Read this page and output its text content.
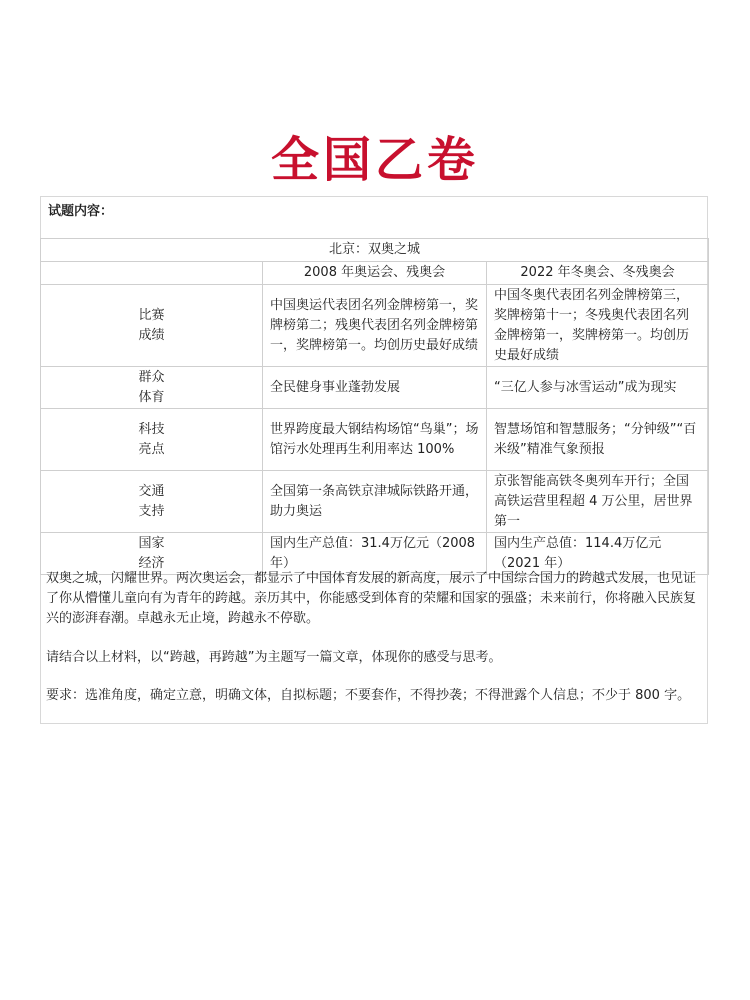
全国乙卷
试题内容：
北京：双奥之城		
	2008 年奥运会、残奥会	2022 年冬奥会、冬残奥会
比赛
成绩	中国奥运代表团名列金牌榜第一，奖牌榜第二；残奥代表团名列金牌榜第一，奖牌榜第一。均创历史最好成绩	中国冬奥代表团名列金牌榜第三，奖牌榜第十一；冬残奥代表团名列金牌榜第一，奖牌榜第一。均创历史最好成绩
群众
体育	全民健身事业蓬勃发展	“三亿人参与冰雪运动”成为现实
科技
亮点	世界跨度最大钢结构场馆“鸟巢”；场馆污水处理再生利用率达 100%	智慧场馆和智慧服务；“分钟级”“百米级”精准气象预报
交通
支持	全国第一条高铁京津城际铁路开通，助力奥运	京张智能高铁冬奥列车开行；全国高铁运营里程超 4 万公里，居世界第一
国家
经济	国内生产总值：31.4万亿元（2008 年）	国内生产总值：114.4万亿元（2021 年）

双奥之城，闪耀世界。两次奥运会，都显示了中国体育发展的新高度，展示了中国综合国力的跨越式发展，也见证了你从懵懂儿童向有为青年的跨越。亲历其中，你能感受到体育的荣耀和国家的强盛；未来前行，你将融入民族复兴的澎湃春潮。卓越永无止境，跨越永不停歇。

请结合以上材料，以“跨越，再跨越”为主题写一篇文章，体现你的感受与思考。

要求：选准角度，确定立意，明确文体，自拟标题；不要套作，不得抄袭；不得泄露个人信息；不少于 800 字。
